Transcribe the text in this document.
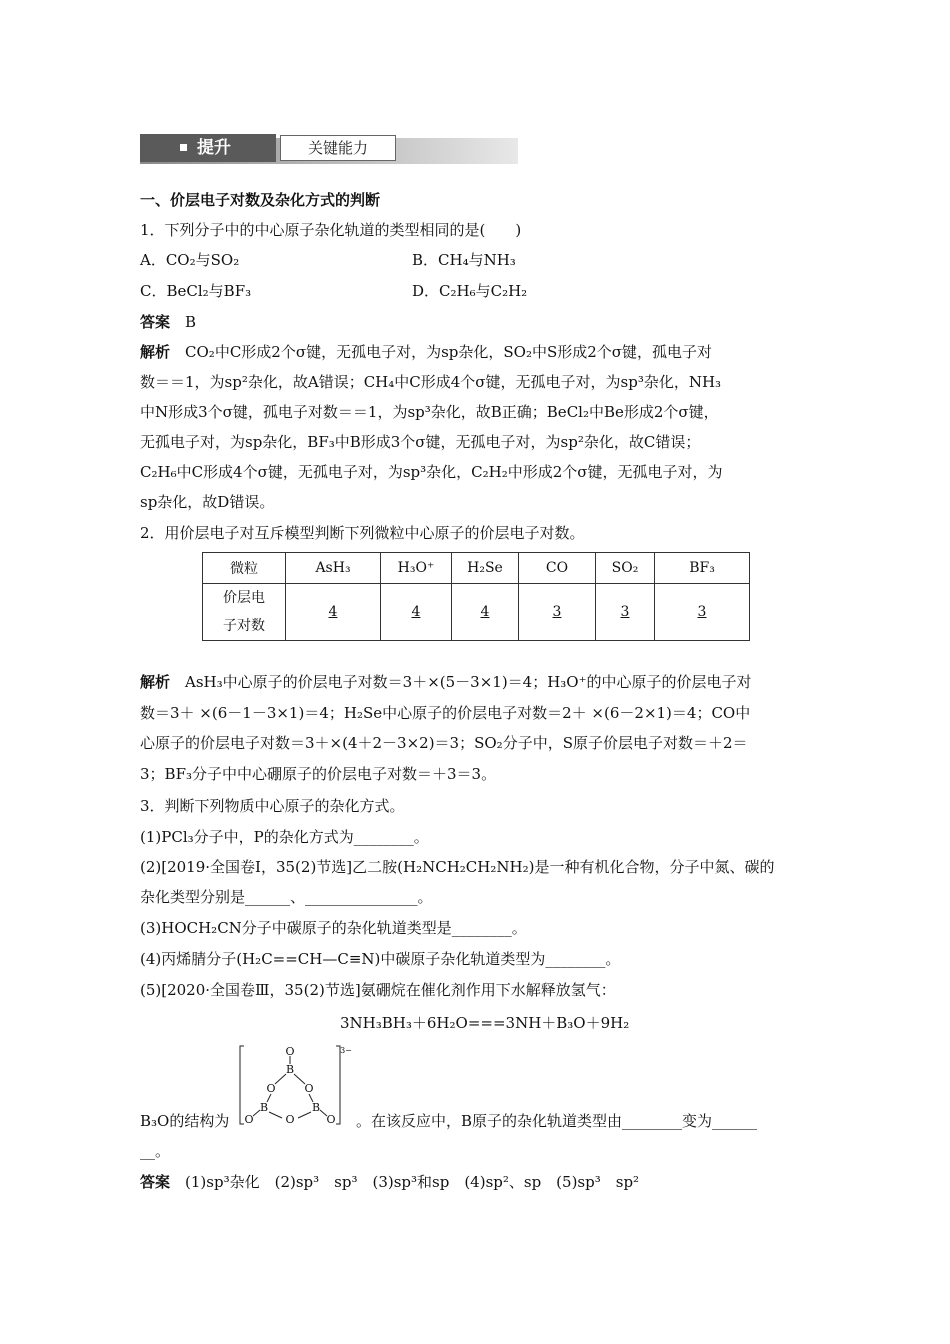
提升	关键能力
一、价层电子对数及杂化方式的判断
1．下列分子中的中心原子杂化轨道的类型相同的是(　　)
A．CO₂与SO₂	B．CH₄与NH₃
C．BeCl₂与BF₃	D．C₂H₆与C₂H₂
答案　 B
解析　 CO₂中C形成2个σ键，无孤电子对，为sp杂化，SO₂中S形成2个σ键，孤电子对
数＝＝1，为sp²杂化，故A错误；CH₄中C形成4个σ键，无孤电子对，为sp³杂化，NH₃
中N形成3个σ键，孤电子对数＝＝1，为sp³杂化，故B正确；BeCl₂中Be形成2个σ键，
无孤电子对，为sp杂化，BF₃中B形成3个σ键，无孤电子对，为sp²杂化，故C错误；
C₂H₆中C形成4个σ键，无孤电子对，为sp³杂化，C₂H₂中形成2个σ键，无孤电子对，为
sp杂化，故D错误。
2．用价层电子对互斥模型判断下列微粒中心原子的价层电子对数。
微粒	AsH₃	H₃O⁺	H₂Se	CO	SO₂	BF₃

价层电
子对数	4	4	4	3	3	3
解析　 AsH₃中心原子的价层电子对数＝3＋×(5－3×1)＝4；H₃O⁺的中心原子的价层电子对
数＝3＋ ×(6－1－3×1)＝4；H₂Se中心原子的价层电子对数＝2＋ ×(6－2×1)＝4；CO中
心原子的价层电子对数＝3＋×(4＋2－3×2)＝3；SO₂分子中，S原子价层电子对数＝＋2＝
3；BF₃分子中中心硼原子的价层电子对数＝＋3＝3。
3．判断下列物质中心原子的杂化方式。
(1)PCl₃分子中，P的杂化方式为________。
(2)[2019·全国卷Ⅰ，35(2)节选]乙二胺(H₂NCH₂CH₂NH₂)是一种有机化合物，分子中氮、碳的
杂化类型分别是______、_______________。
(3)HOCH₂CN分子中碳原子的杂化轨道类型是________。
(4)丙烯腈分子(H₂C==CH—C≡N)中碳原子杂化轨道类型为________。
(5)[2020·全国卷Ⅲ，35(2)节选]氨硼烷在催化剂作用下水解释放氢气：
3NH₃BH₃＋6H₂O===3NH＋B₃O＋9H₂
O
B
O	O
B	B
O
O	O
3−
B₃O的结构为	。在该反应中，B原子的杂化轨道类型由________变为______
__。
答案　 (1)sp³杂化　(2)sp³　sp³　(3)sp³和sp　(4)sp²、sp　(5)sp³　sp²
